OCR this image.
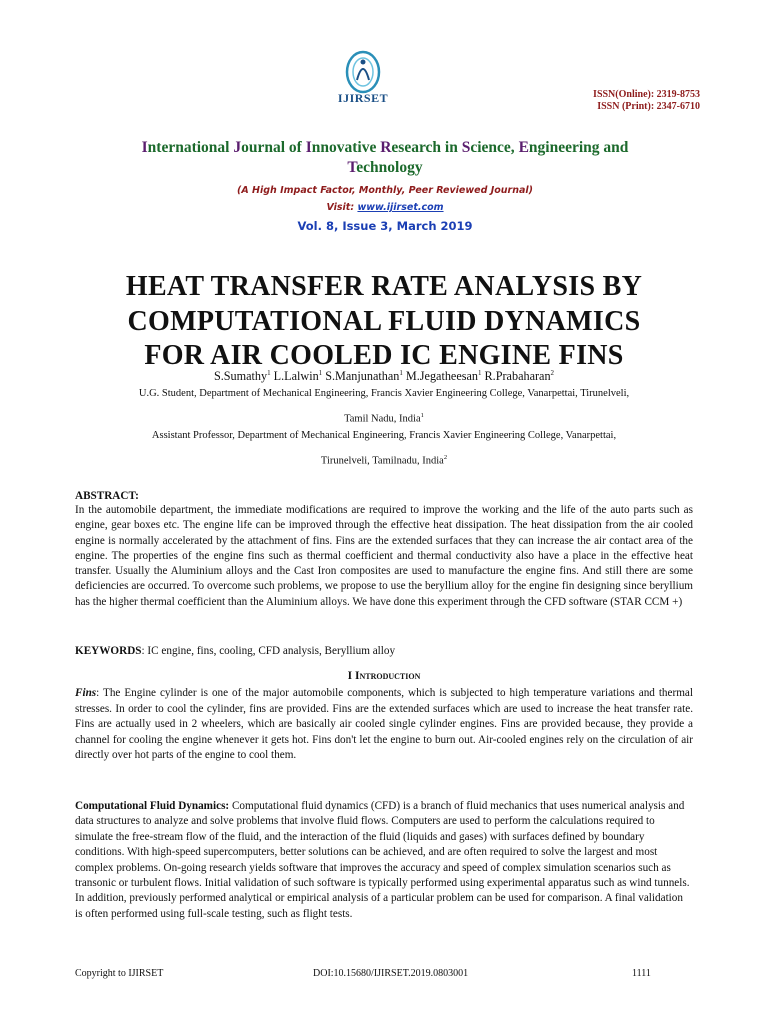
IJIRSET	ISSN(Online): 2319-8753
ISSN (Print): 2347-6710
International Journal of Innovative Research in Science, Engineering and
Technology
(A High Impact Factor, Monthly, Peer Reviewed Journal)
Visit: www.ijirset.com
Vol. 8, Issue 3, March 2019
HEAT TRANSFER RATE ANALYSIS BY
COMPUTATIONAL FLUID DYNAMICS
FOR AIR COOLED IC ENGINE FINS
S.Sumathy$^1$ L.Lalwin$^1$ S.Manjunathan$^1$ M.Jegatheesan$^1$ R.Prabaharan$^2$
U.G. Student, Department of Mechanical Engineering, Francis Xavier Engineering College, Vanarpettai, Tirunelveli,
Tamil Nadu, India$^1$
Assistant Professor, Department of Mechanical Engineering, Francis Xavier Engineering College, Vanarpettai,
Tirunelveli, Tamilnadu, India$^2$
ABSTRACT:
In the automobile department, the immediate modifications are required to improve the working and the life of the auto parts such as engine, gear boxes etc. The engine life can be improved through the effective heat dissipation. The heat dissipation from the air cooled engine is normally accelerated by the attachment of fins. Fins are the extended surfaces that they can increase the air contact area of the engine. The properties of the engine fins such as thermal coefficient and thermal conductivity also have a place in the effective heat transfer. Usually the Aluminium alloys and the Cast Iron composites are used to manufacture the engine fins. And still there are some deficiencies are occurred. To overcome such problems, we propose to use the beryllium alloy for the engine fin designing since beryllium has the higher thermal coefficient than the Aluminium alloys. We have done this experiment through the CFD software (STAR CCM +)
KEYWORDS: IC engine, fins, cooling, CFD analysis, Beryllium alloy
I Introduction
Fins: The Engine cylinder is one of the major automobile components, which is subjected to high temperature variations and thermal stresses. In order to cool the cylinder, fins are provided. Fins are the extended surfaces which are used to increase the heat transfer rate. Fins are actually used in 2 wheelers, which are basically air cooled single cylinder engines. Fins are provided because, they provide a channel for cooling the engine whenever it gets hot. Fins don't let the engine to burn out. Air-cooled engines rely on the circulation of air directly over hot parts of the engine to cool them.
Computational Fluid Dynamics: Computational fluid dynamics (CFD) is a branch of fluid mechanics that uses numerical analysis and data structures to analyze and solve problems that involve fluid flows. Computers are used to perform the calculations required to simulate the free-stream flow of the fluid, and the interaction of the fluid (liquids and gases) with surfaces defined by boundary conditions. With high-speed supercomputers, better solutions can be achieved, and are often required to solve the largest and most complex problems. On-going research yields software that improves the accuracy and speed of complex simulation scenarios such as transonic or turbulent flows. Initial validation of such software is typically performed using experimental apparatus such as wind tunnels. In addition, previously performed analytical or empirical analysis of a particular problem can be used for comparison. A final validation is often performed using full-scale testing, such as flight tests.
Copyright to IJIRSET	DOI:10.15680/IJIRSET.2019.0803001	1111
